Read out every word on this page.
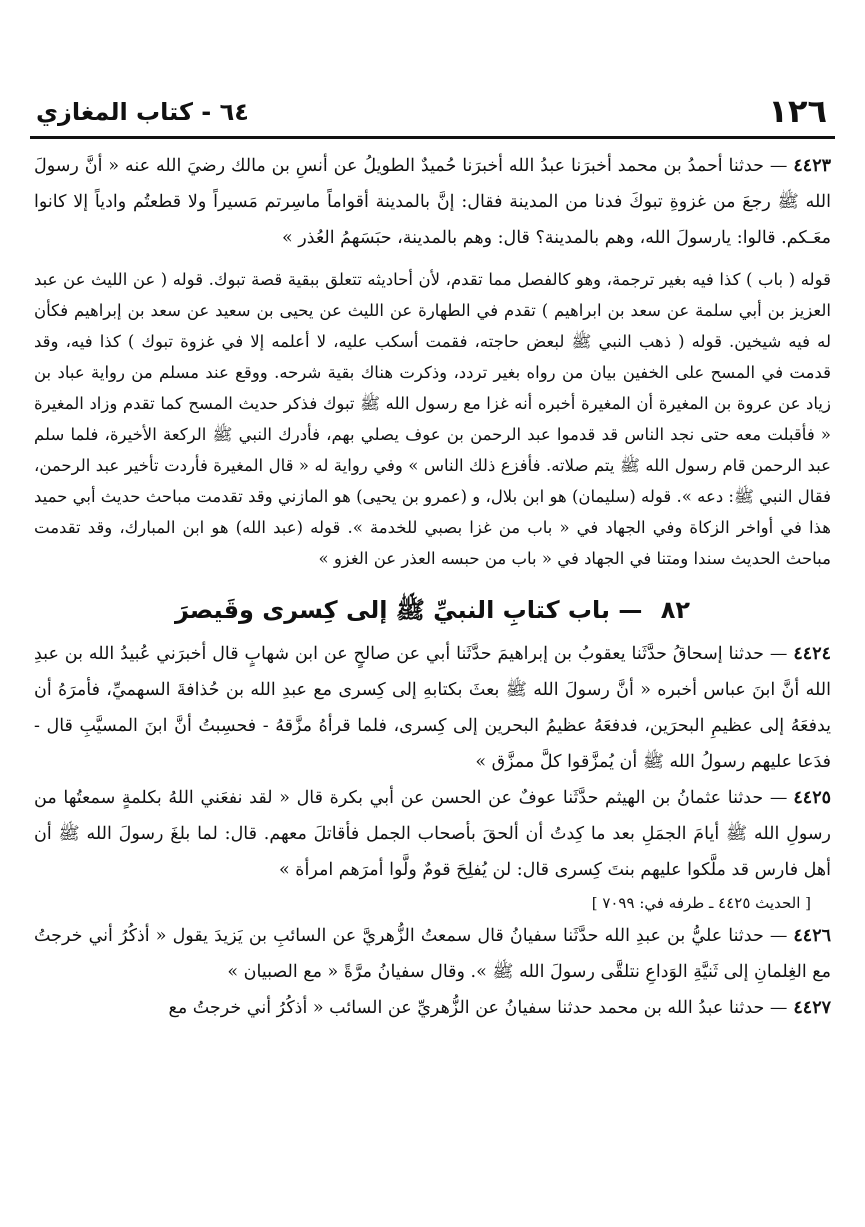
١٢٦
٦٤ - كتاب المغازي

٤٤٢٣— حدثنا أحمدُ بن محمد أخبرَنا عبدُ الله أخبرَنا حُميدٌ الطويلُ عن أنسِ بن مالك رضيَ الله عنه « أنَّ رسولَ الله ﷺ رجعَ من غزوةِ تبوكَ فدنا من المدينة فقال: إنَّ بالمدينة أقواماً ماسِرتم مَسيراً ولا قطعتُم وادياً إلا كانوا معَـكم. قالوا: يارسولَ الله، وهم بالمدينة؟ قال: وهم بالمدينة، حبَسَهمُ العُذر »

قوله ( باب ) كذا فيه بغير ترجمة، وهو كالفصل مما تقدم، لأن أحاديثه تتعلق ببقية قصة تبوك. قوله ( عن الليث عن عبد العزيز بن أبي سلمة عن سعد بن ابراهيم ) تقدم في الطهارة عن الليث عن يحيى بن سعيد عن سعد بن إبراهيم فكأن له فيه شيخين. قوله ( ذهب النبي ﷺ لبعض حاجته، فقمت أسكب عليه، لا أعلمه إلا في غزوة تبوك ) كذا فيه، وقد قدمت في المسح على الخفين بيان من رواه بغير تردد، وذكرت هناك بقية شرحه. ووقع عند مسلم من رواية عباد بن زياد عن عروة بن المغيرة أن المغيرة أخبره أنه غزا مع رسول الله ﷺ تبوك فذكر حديث المسح كما تقدم وزاد المغيرة « فأقبلت معه حتى نجد الناس قد قدموا عبد الرحمن بن عوف يصلي بهم، فأدرك النبي ﷺ الركعة الأخيرة، فلما سلم عبد الرحمن قام رسول الله ﷺ يتم صلاته. فأفزع ذلك الناس » وفي رواية له « قال المغيرة فأردت تأخير عبد الرحمن، فقال النبي ﷺ: دعه ». قوله (سليمان) هو ابن بلال، و (عمرو بن يحيى) هو المازني وقد تقدمت مباحث حديث أبي حميد هذا في أواخر الزكاة وفي الجهاد في « باب من غزا بصبي للخدمة ». قوله (عبد الله) هو ابن المبارك، وقد تقدمت مباحث الحديث سندا ومتنا في الجهاد في « باب من حبسه العذر عن الغزو »

٨٢ — باب كتابِ النبيِّ ﷺ إلى كِسرى وقَيصرَ

٤٤٢٤— حدثنا إسحاقُ حدَّثَنا يعقوبُ بن إبراهيمَ حدَّثَنا أبي عن صالحٍ عن ابن شهابٍ قال أخبرَني عُبيدُ الله بن عبدِ الله أنَّ ابنَ عباس أخبره « أنَّ رسولَ الله ﷺ بعثَ بكتابهِ إلى كِسرى مع عبدِ الله بن حُذافةَ السهميِّ، فأمرَهُ أن يدفعَهُ إلى عظيمِ البحرَين، فدفعَهُ عظيمُ البحرين إلى كِسرى، فلما قرأهُ مزَّقهُ - فحسِبتُ أنَّ ابنَ المسيَّبِ قال - فدَعا عليهم رسولُ الله ﷺ أن يُمزَّقوا كلَّ ممزَّق »

٤٤٢٥— حدثنا عثمانُ بن الهيثم حدَّثَنا عوفٌ عن الحسن عن أبي بكرة قال « لقد نفعَني اللهُ بكلمةٍ سمعتُها من رسولِ الله ﷺ أيامَ الجمَلِ بعد ما كِدتُ أن ألحقَ بأصحاب الجمل فأقاتلَ معهم. قال: لما بلغَ رسولَ الله ﷺ أن أهل فارس قد ملَّكوا عليهم بنتَ كِسرى قال: لن يُفلِحَ قومٌ ولَّوا أمرَهم امرأة »

[ الحديث ٤٤٢٥ ـ طرفه في: ٧٠٩٩ ]

٤٤٢٦— حدثنا عليُّ بن عبدِ الله حدَّثَنا سفيانُ قال سمعتُ الزُّهريَّ عن السائبِ بن يَزيدَ يقول « أذكُرُ أني خرجتُ مع الغِلمانِ إلى ثَنيَّةِ الوَداعِ نتلقَّى رسولَ الله ﷺ ». وقال سفيانُ مرَّةً « مع الصبيان »

٤٤٢٧— حدثنا عبدُ الله بن محمد حدثنا سفيانُ عن الزُّهريِّ عن السائب « أذكُرُ أني خرجتُ مع
